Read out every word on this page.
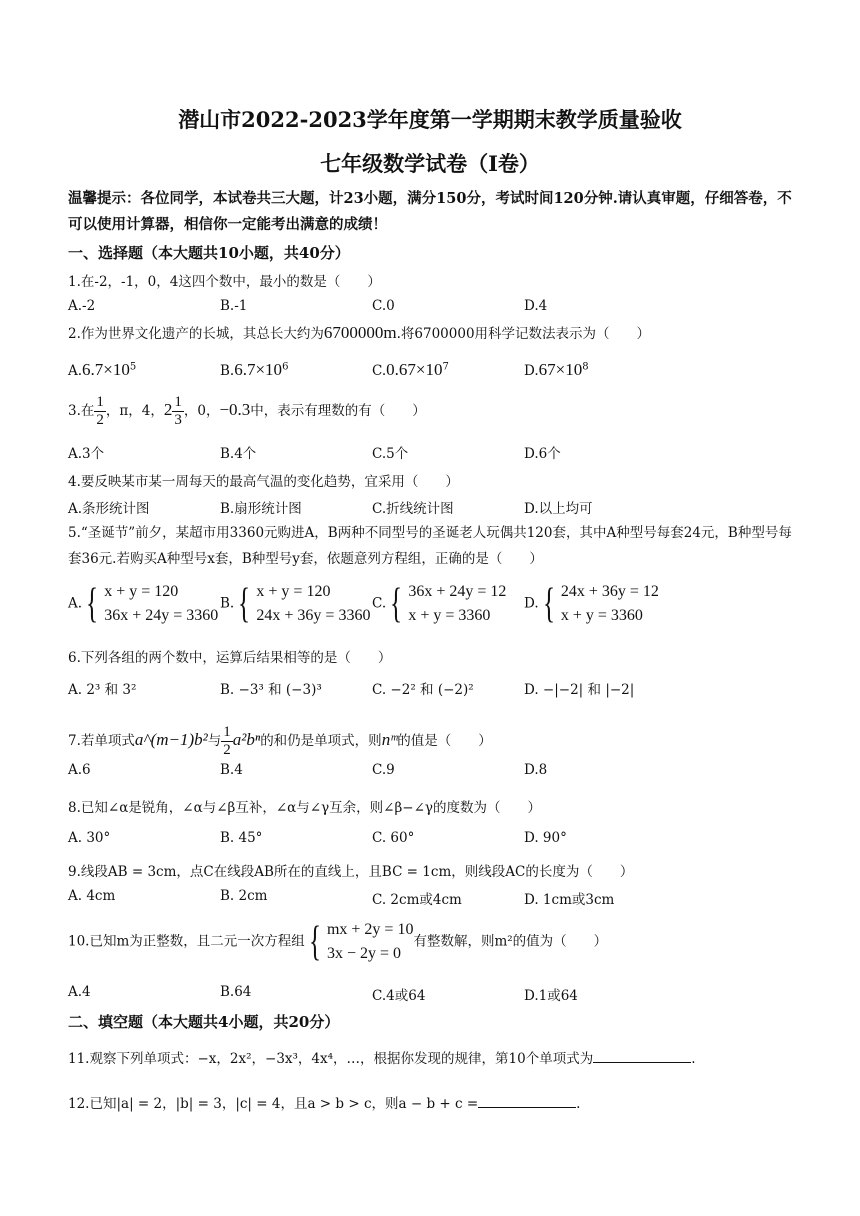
潜山市2022-2023学年度第一学期期末教学质量验收
七年级数学试卷（Ⅰ卷）
温馨提示：各位同学，本试卷共三大题，计23小题，满分150分，考试时间120分钟.请认真审题，仔细答卷，不可以使用计算器，相信你一定能考出满意的成绩！
一、选择题（本大题共10小题，共40分）
1.在-2，-1，0，4这四个数中，最小的数是（　　）
A.-2	B.-1	C.0	D.4
2.作为世界文化遗产的长城，其总长大约为6700000m.将6700000用科学记数法表示为（　　）
$A.6.7\times 10^5$	$B.6.7\times 10^6$	$C.0.67\times 10^7$	$D.67\times 10^8$
3.在 $\frac{1}{2}$ ，π，4，$2 \frac{1}{3}$ ，0，−0.3中，表示有理数的有（　　）
A.3个	B.4个	C.5个	D.6个
4.要反映某市某一周每天的最高气温的变化趋势，宜采用（　　）
A.条形统计图	B.扇形统计图	C.折线统计图	D.以上均可
5.“圣诞节”前夕，某超市用3360元购进A，B两种不同型号的圣诞老人玩偶共120套，其中A种型号每套24元，B种型号每套36元.若购买A种型号x套，B种型号y套，依题意列方程组，正确的是（　　）
A. { x + y = 120
36x + 24y = 3360
B. { x + y = 120
24x + 36y = 3360
C. { 36x + 24y = 12
x + y = 3360
D. { 24x + 36y = 12
x + y = 3360
6.下列各组的两个数中，运算后结果相等的是（　　）
A. 2³ 和 3²	B. −3³ 和 (−3)³	C. −2² 和 (−2)²	D. −|−2| 和 |−2|
7.若单项式a^(m−1)b²与 $\frac{1}{2} a^2b^n$的和仍是单项式，则nᵐ的值是（　　）
A.6	B.4	C.9	D.8
8.已知∠α是锐角，∠α与∠β互补，∠α与∠γ互余，则∠β−∠γ的度数为（　　）
A. 30°	B. 45°	C. 60°	D. 90°
9.线段AB = 3cm，点C在线段AB所在的直线上，且BC = 1cm，则线段AC的长度为（　　）
A. 4cm	B. 2cm	C. 2cm或4cm	D. 1cm或3cm
10.已知m为正整数，且二元一次方程组 { mx + 2y = 10
3x − 2y = 0
有整数解，则m²的值为（　　）
A.4	B.64	C.4或64	D.1或64
二、填空题（本大题共4小题，共20分）
11.观察下列单项式：−x，2x²，−3x³，4x⁴，…，根据你发现的规律，第10个单项式为	.
12.已知|a| = 2，|b| = 3，|c| = 4，且a > b > c，则a − b + c =	.
